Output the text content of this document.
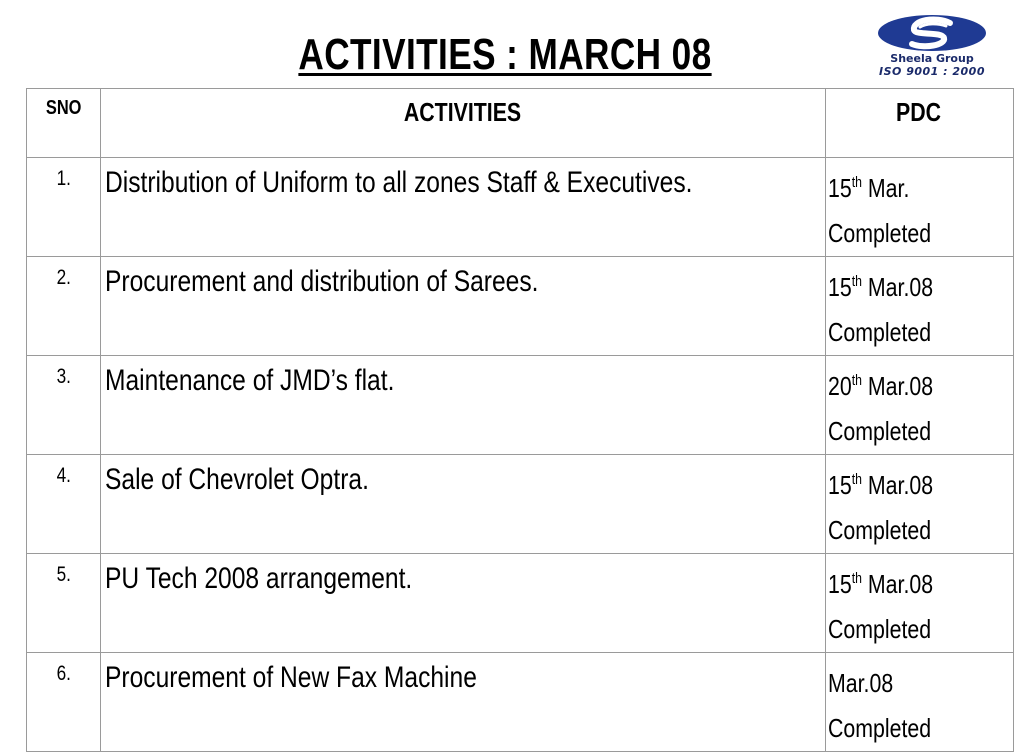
ACTIVITIES : MARCH 08	Sheela Group
ISO 9001 : 2000
SNO	ACTIVITIES	PDC
1.	Distribution of Uniform to all zones Staff & Executives.	15th Mar.
Completed

2.	Procurement and distribution of Sarees.	15th Mar.08
Completed

3.	Maintenance of JMD’s flat.	20th Mar.08
Completed

4.	Sale of Chevrolet Optra.	15th Mar.08
Completed

5.	PU Tech 2008 arrangement.	15th Mar.08
Completed

6.	Procurement of New Fax Machine	Mar.08
Completed
